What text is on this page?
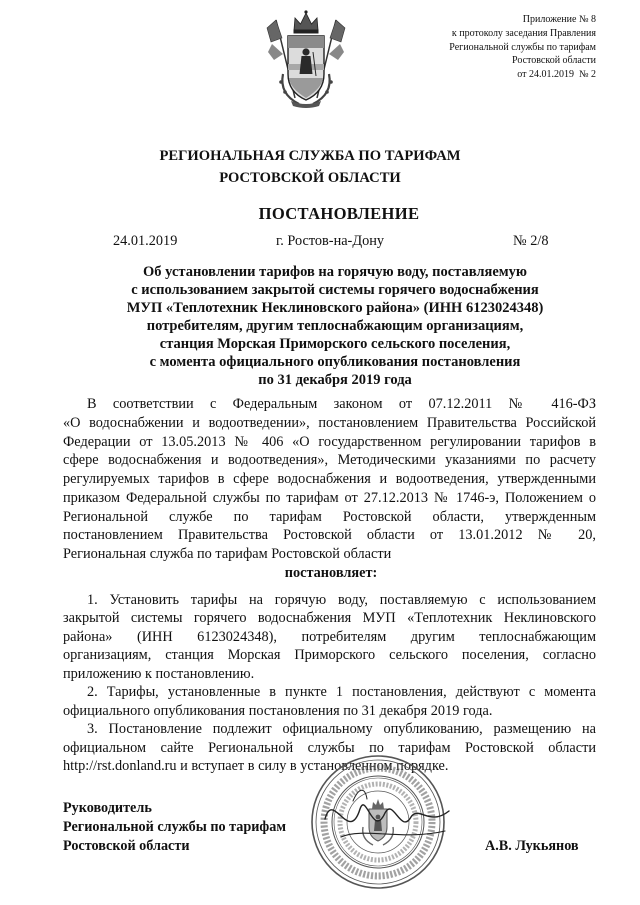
Приложение № 8
к протоколу заседания Правления
Региональной службы по тарифам
Ростовской области
от 24.01.2019  № 2
РЕГИОНАЛЬНАЯ СЛУЖБА ПО ТАРИФАМ
РОСТОВСКОЙ ОБЛАСТИ
ПОСТАНОВЛЕНИЕ
24.01.2019	г. Ростов-на-Дону	№ 2/8
Об установлении тарифов на горячую воду, поставляемую
с использованием закрытой системы горячего водоснабжения
МУП «Теплотехник Неклиновского района» (ИНН 6123024348)
потребителям, другим теплоснабжающим организациям,
станция Морская Приморского сельского поселения,
с момента официального опубликования постановления
по 31 декабря 2019 года
В соответствии с Федеральным законом от 07.12.2011 № 416-ФЗ
«О водоснабжении и водоотведении», постановлением Правительства Российской
Федерации от 13.05.2013 № 406 «О государственном регулировании тарифов в
сфере водоснабжения и водоотведения», Методическими указаниями по расчету
регулируемых тарифов в сфере водоснабжения и водоотведения, утвержденными
приказом Федеральной службы по тарифам от 27.12.2013 № 1746-э, Положением о
Региональной службе по тарифам Ростовской области, утвержденным
постановлением Правительства Ростовской области от 13.01.2012 № 20,
Региональная служба по тарифам Ростовской области
постановляет:
1. Установить тарифы на горячую воду, поставляемую с использованием
закрытой системы горячего водоснабжения МУП «Теплотехник Неклиновского
района» (ИНН 6123024348), потребителям другим теплоснабжающим
организациям, станция Морская Приморского сельского поселения, согласно
приложению к постановлению.
2. Тарифы, установленные в пункте 1 постановления, действуют с момента
официального опубликования постановления по 31 декабря 2019 года.
3. Постановление подлежит официальному опубликованию, размещению на
официальном сайте Региональной службы по тарифам Ростовской области
http://rst.donland.ru и вступает в силу в установленном порядке.
Руководитель
Региональной службы по тарифам
Ростовской области	А.В. Лукьянов
